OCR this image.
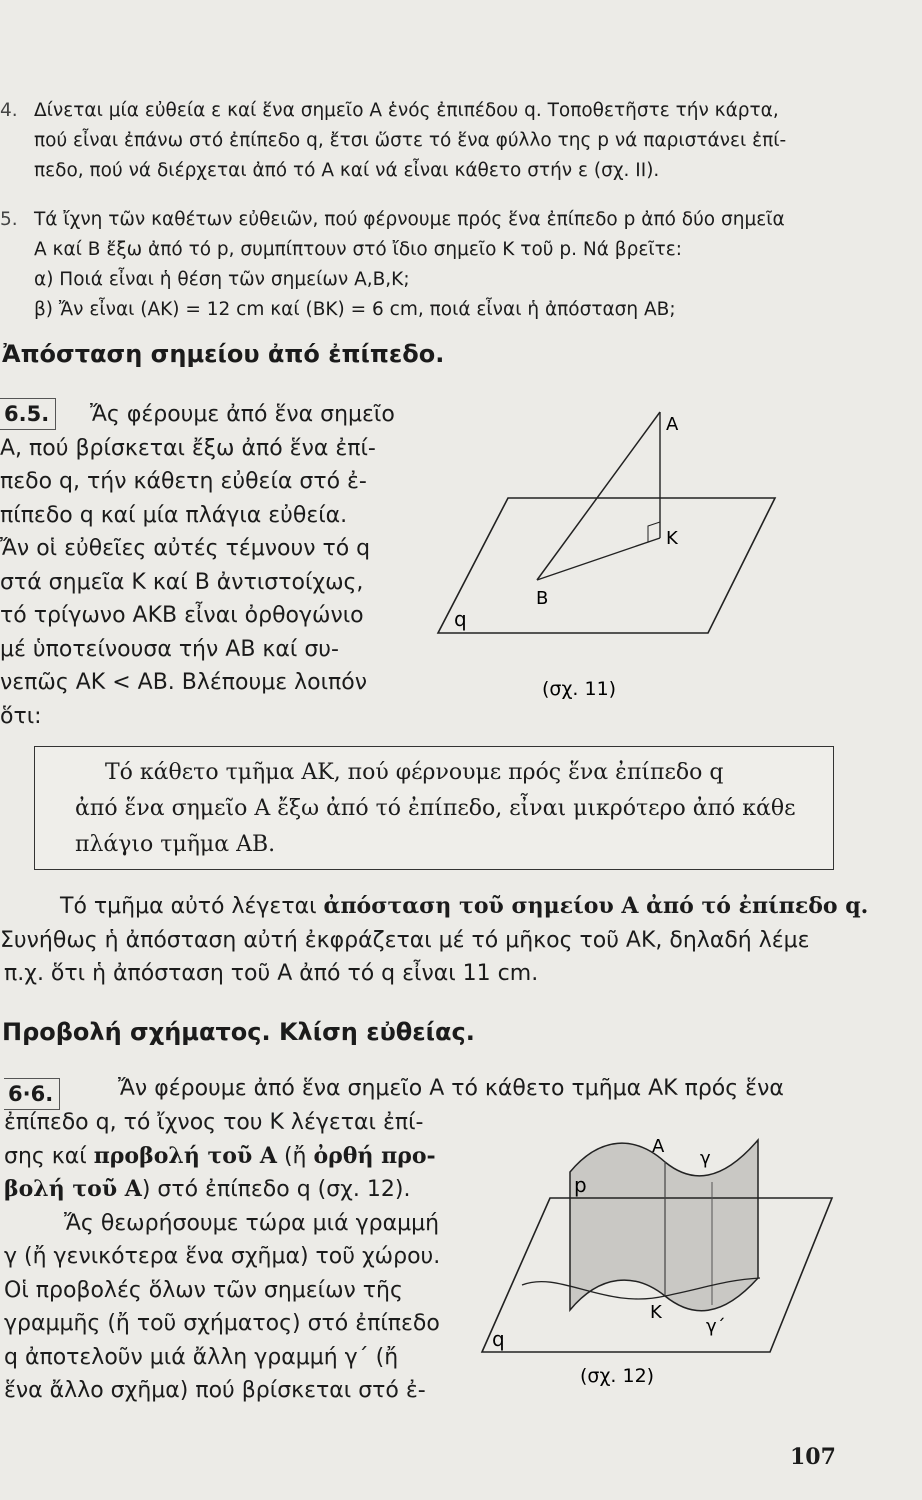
4. Δίνεται μία εὐθεία ε καί ἕνα σημεῖο Α ἑνός ἐπιπέδου q. Τοποθετῆστε τήν κάρτα,
πού εἶναι ἐπάνω στό ἐπίπεδο q, ἔτσι ὥστε τό ἕνα φύλλο της p νά παριστάνει ἐπί-
πεδο, πού νά διέρχεται ἀπό τό Α καί νά εἶναι κάθετο στήν ε (σχ. ΙΙ).
5. Τά ἴχνη τῶν καθέτων εὐθειῶν, πού φέρνουμε πρός ἕνα ἐπίπεδο p ἀπό δύο σημεῖα
Α καί Β ἔξω ἀπό τό p, συμπίπτουν στό ἴδιο σημεῖο Κ τοῦ p. Νά βρεῖτε:
α) Ποιά εἶναι ἡ θέση τῶν σημείων Α,Β,Κ;
β) Ἄν εἶναι (ΑΚ) = 12 cm καί (ΒΚ) = 6 cm, ποιά εἶναι ἡ ἀπόσταση ΑΒ;
Ἀπόσταση σημείου ἀπό ἐπίπεδο.
6.5.	Ἄς φέρουμε ἀπό ἕνα σημεῖο
Α, πού βρίσκεται ἔξω ἀπό ἕνα ἐπί-
πεδο q, τήν κάθετη εὐθεία στό ἐ-
πίπεδο q καί μία πλάγια εὐθεία.
Ἄν οἱ εὐθεῖες αὐτές τέμνουν τό q
στά σημεῖα Κ καί Β ἀντιστοίχως,
τό τρίγωνο ΑΚΒ εἶναι ὀρθογώνιο
μέ ὑποτείνουσα τήν ΑΒ καί συ-
νεπῶς ΑΚ < ΑΒ. Βλέπουμε λοιπόν
ὅτι:
Α
Κ
Β
q
(σχ. 11)
Τό κάθετο τμῆμα ΑΚ, πού φέρνουμε πρός ἕνα ἐπίπεδο q
ἀπό ἕνα σημεῖο Α ἔξω ἀπό τό ἐπίπεδο, εἶναι μικρότερο ἀπό κάθε
πλάγιο τμῆμα ΑΒ.
Τό τμῆμα αὐτό λέγεται ἀπόσταση τοῦ σημείου Α ἀπό τό ἐπίπεδο q.
Συνήθως ἡ ἀπόσταση αὐτή ἐκφράζεται μέ τό μῆκος τοῦ ΑΚ, δηλαδή λέμε
π.χ. ὅτι ἡ ἀπόσταση τοῦ Α ἀπό τό q εἶναι 11 cm.
Προβολή σχήματος. Κλίση εὐθείας.
6·6.	Ἄν φέρουμε ἀπό ἕνα σημεῖο Α τό κάθετο τμῆμα ΑΚ πρός ἕνα
ἐπίπεδο q, τό ἴχνος του Κ λέγεται ἐπί-
σης καί προβολή τοῦ Α (ἤ ὀρθή προ-
βολή τοῦ Α) στό ἐπίπεδο q (σχ. 12).
Ἄς θεωρήσουμε τώρα μιά γραμμή
γ (ἤ γενικότερα ἕνα σχῆμα) τοῦ χώρου.
Οἱ προβολές ὅλων τῶν σημείων τῆς
γραμμῆς (ἤ τοῦ σχήματος) στό ἐπίπεδο
q ἀποτελοῦν μιά ἄλλη γραμμή γ΄ (ἤ
ἕνα ἄλλο σχῆμα) πού βρίσκεται στό ἐ-
Α
γ
p
Κ
γ΄
q
(σχ. 12)
107
